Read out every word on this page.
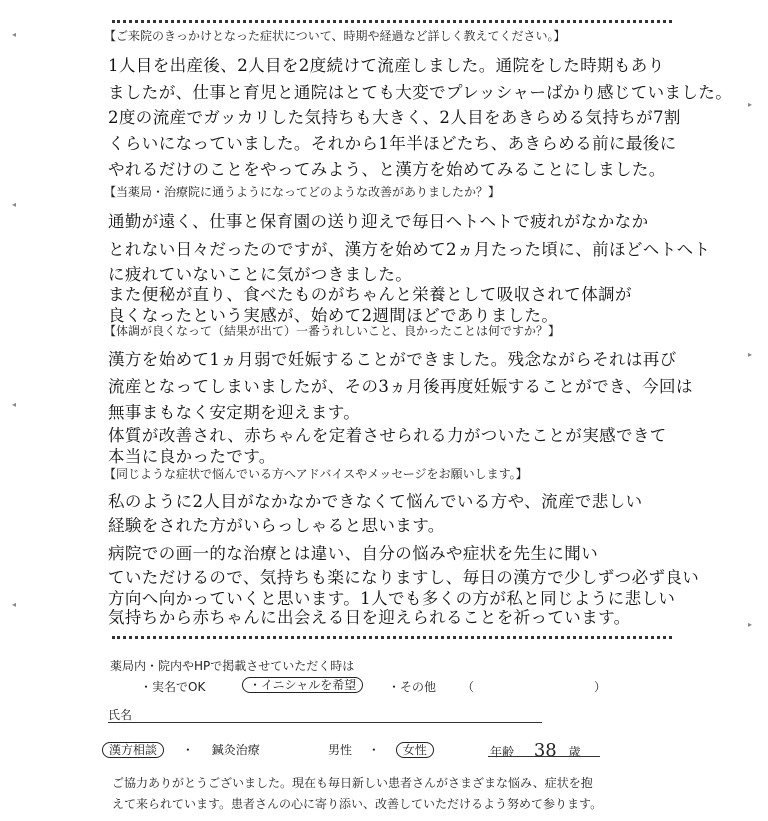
【ご来院のきっかけとなった症状について、時期や経過など詳しく教えてください。】
1人目を出産後、2人目を2度続けて流産しました。通院をした時期もあり
ましたが、仕事と育児と通院はとても大変でプレッシャーばかり感じていました。
2度の流産でガッカリした気持ちも大きく、2人目をあきらめる気持ちが7割
くらいになっていました。それから1年半ほどたち、あきらめる前に最後に
やれるだけのことをやってみよう、と漢方を始めてみることにしました。
【当薬局・治療院に通うようになってどのような改善がありましたか？】
通勤が遠く、仕事と保育園の送り迎えで毎日ヘトヘトで疲れがなかなか
とれない日々だったのですが、漢方を始めて2ヵ月たった頃に、前ほどヘトヘト
に疲れていないことに気がつきました。
また便秘が直り、食べたものがちゃんと栄養として吸収されて体調が
良くなったという実感が、始めて2週間ほどでありました。
【体調が良くなって（結果が出て）一番うれしいこと、良かったことは何ですか？】
漢方を始めて1ヵ月弱で妊娠することができました。残念ながらそれは再び
流産となってしまいましたが、その3ヵ月後再度妊娠することができ、今回は
無事まもなく安定期を迎えます。
体質が改善され、赤ちゃんを定着させられる力がついたことが実感できて
本当に良かったです。
【同じような症状で悩んでいる方へアドバイスやメッセージをお願いします。】
私のように2人目がなかなかできなくて悩んでいる方や、流産で悲しい
経験をされた方がいらっしゃると思います。
病院での画一的な治療とは違い、自分の悩みや症状を先生に聞い
ていただけるので、気持ちも楽になりますし、毎日の漢方で少しずつ必ず良い
方向へ向かっていくと思います。1人でも多くの方が私と同じように悲しい
気持ちから赤ちゃんに出会える日を迎えられることを祈っています。
薬局内・院内やHPで掲載させていただく時は
・実名でOK	・イニシャルを希望	・その他 （　　　　　　　　　　）
氏名
漢方相談 ・ 鍼灸治療	男性 ・ 女性	年齢 38 歳
ご協力ありがとうございました。現在も毎日新しい患者さんがさまざまな悩み、症状を抱
えて来られています。患者さんの心に寄り添い、改善していただけるよう努めて参ります。
◂
◂
◂
◂
▸
▸
▸
